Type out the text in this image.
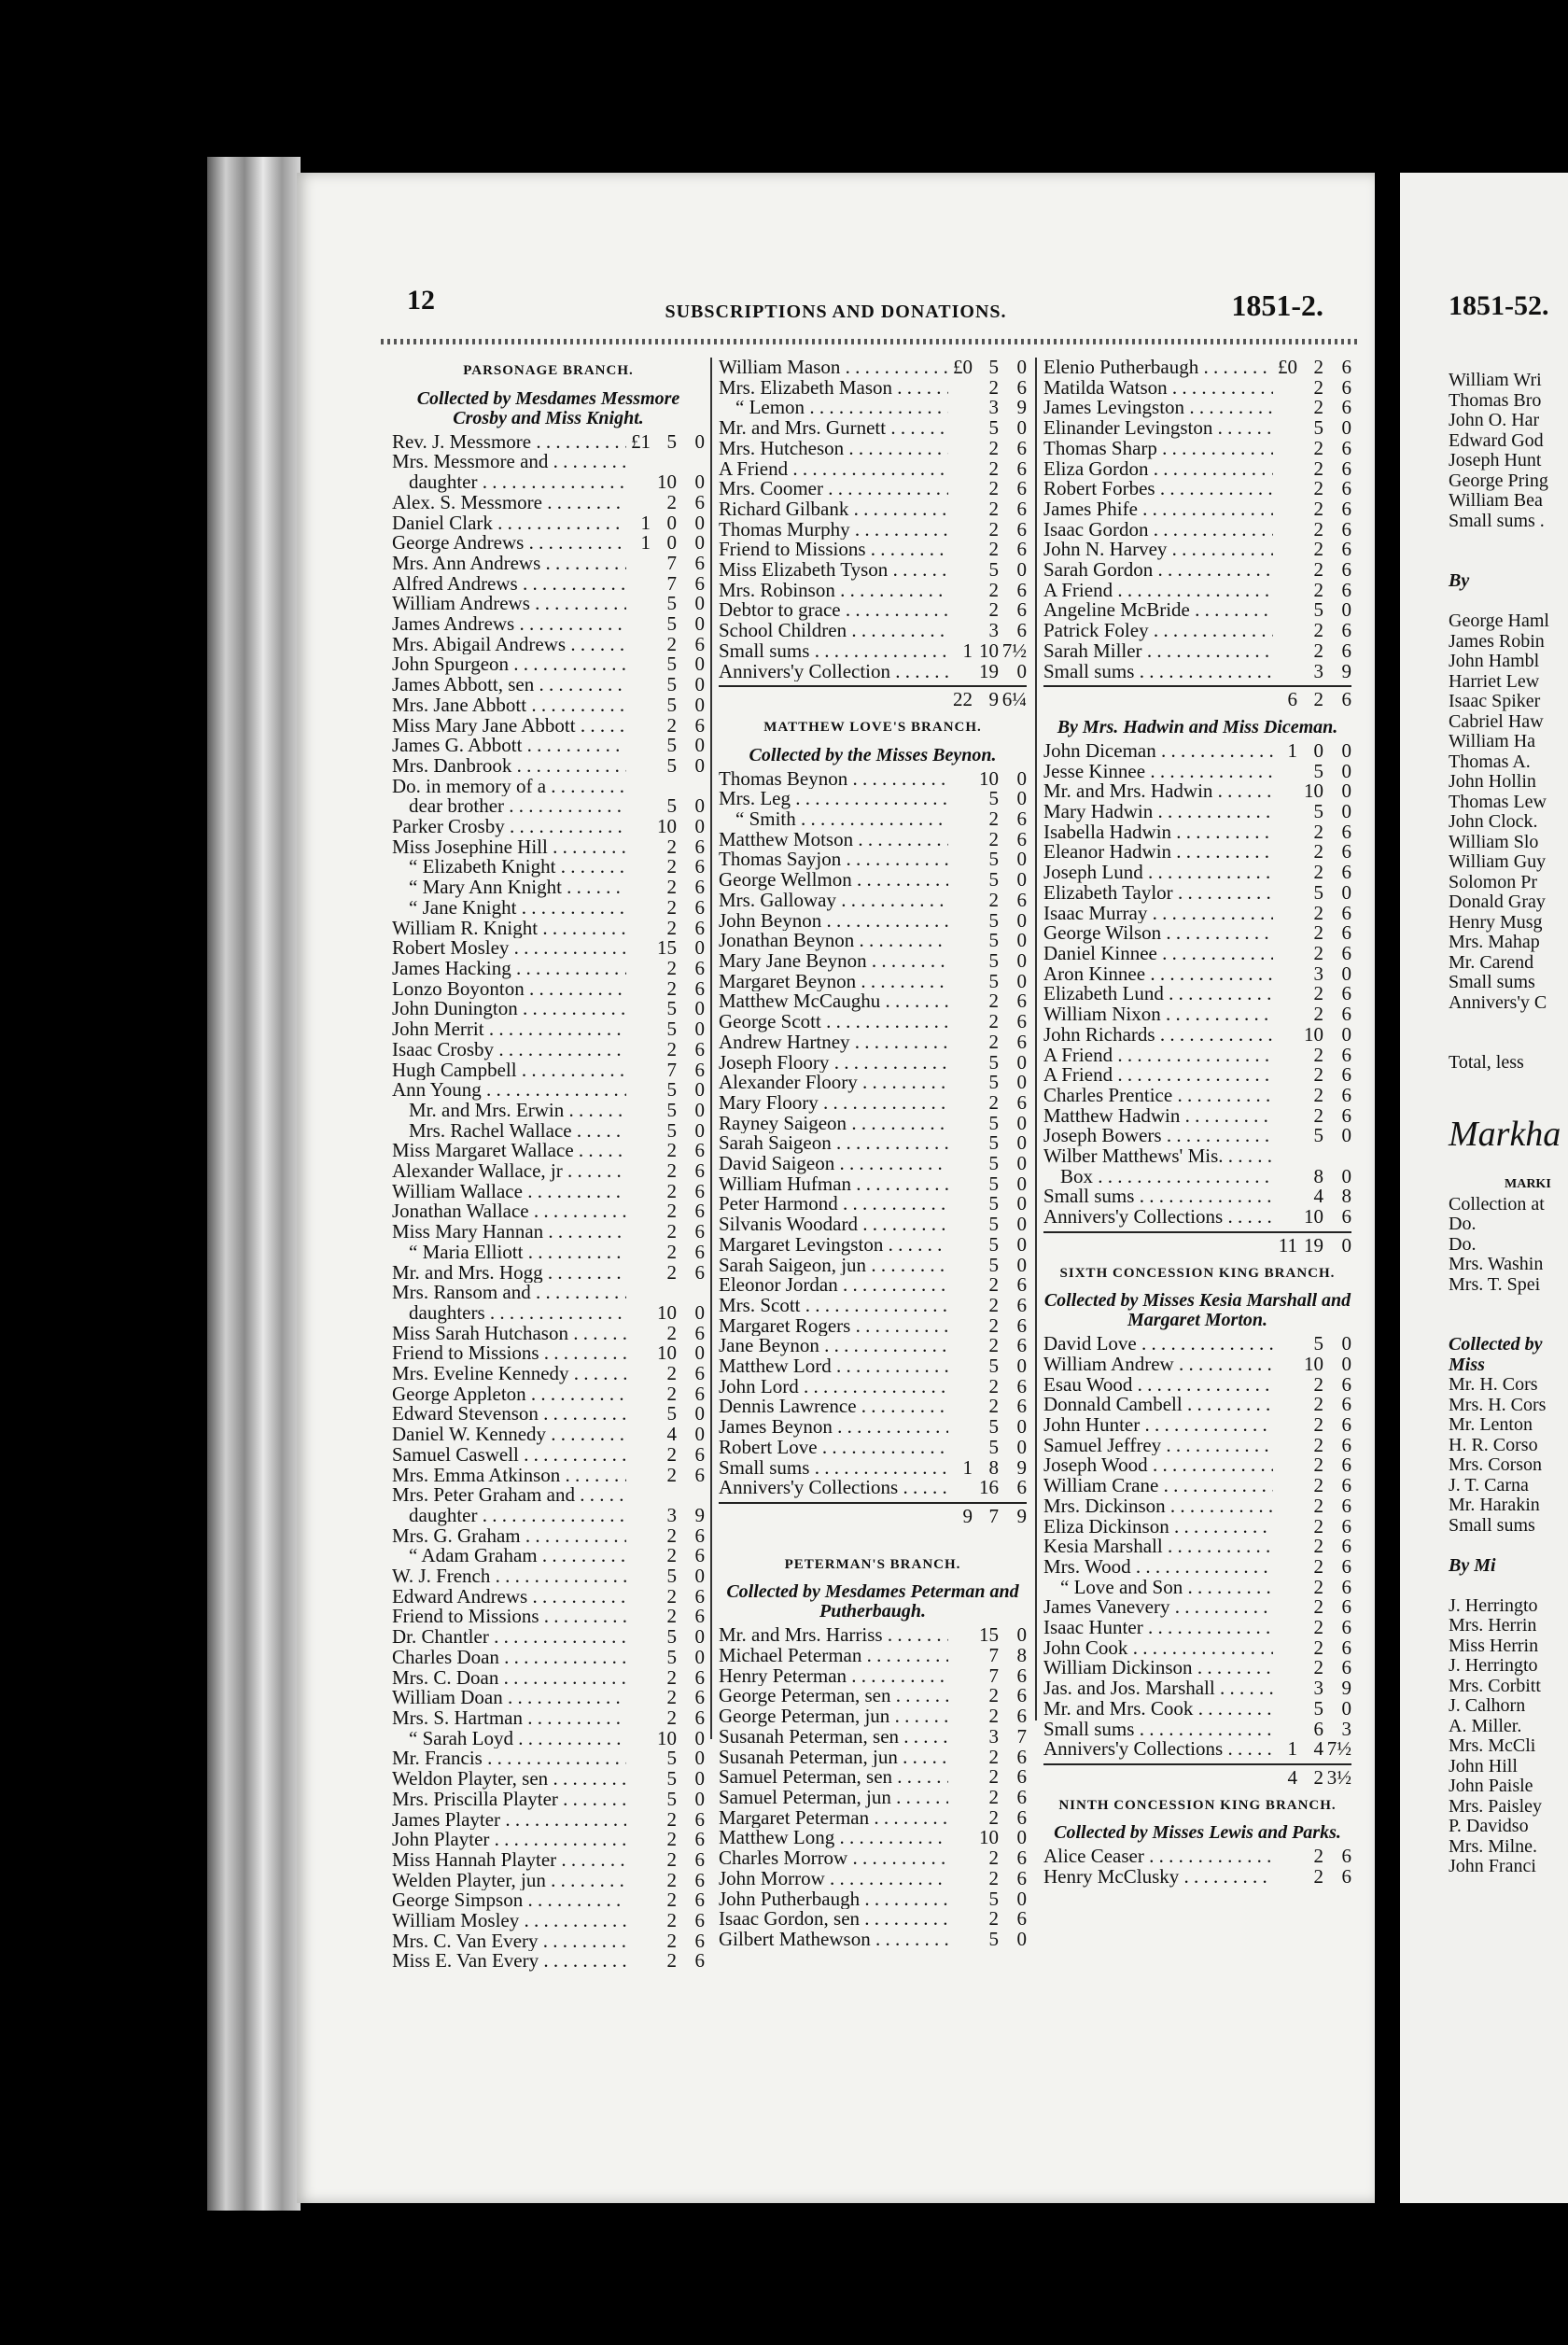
12	SUBSCRIPTIONS AND DONATIONS.	1851-2.
PARSONAGE BRANCH.
Collected by Mesdames Messmore Crosby and Miss Knight.
Rev. J. Messmore . . .	£1 5 0
Mrs. Messmore and . . .
daughter . . .	10 0
Alex. S. Messmore . . .	2 6
Daniel Clark . . .	1 0 0
George Andrews . . .	1 0 0
Mrs. Ann Andrews . . .	7 6
Alfred Andrews . . .	7 6
William Andrews . . .	5 0
James Andrews . . .	5 0
Mrs. Abigail Andrews . . .	2 6
John Spurgeon . . .	5 0
James Abbott, sen . . .	5 0
Mrs. Jane Abbott . . .	5 0
Miss Mary Jane Abbott . . .	2 6
James G. Abbott . . .	5 0
Mrs. Danbrook . . .	5 0
Do. in memory of a . . .
dear brother . . .	5 0
Parker Crosby . . .	10 0
Miss Josephine Hill . . .	2 6
“ Elizabeth Knight . . .	2 6
“ Mary Ann Knight . . .	2 6
“ Jane Knight . . .	2 6
William R. Knight . . .	2 6
Robert Mosley . . .	15 0
James Hacking . . .	2 6
Lonzo Boyonton . . .	2 6
John Dunington . . .	5 0
John Merrit . . .	5 0
Isaac Crosby . . .	2 6
Hugh Campbell . . .	7 6
Ann Young . . .	5 0
Mr. and Mrs. Erwin . . .	5 0
Mrs. Rachel Wallace . . .	5 0
Miss Margaret Wallace . . .	2 6
Alexander Wallace, jr . . .	2 6
William Wallace . . .	2 6
Jonathan Wallace . . .	2 6
Miss Mary Hannan . . .	2 6
“ Maria Elliott . . .	2 6
Mr. and Mrs. Hogg . . .	2 6
Mrs. Ransom and . . .
daughters . . .	10 0
Miss Sarah Hutchason . . .	2 6
Friend to Missions . . .	10 0
Mrs. Eveline Kennedy . . .	2 6
George Appleton . . .	2 6
Edward Stevenson . . .	5 0
Daniel W. Kennedy . . .	4 0
Samuel Caswell . . .	2 6
Mrs. Emma Atkinson . . .	2 6
Mrs. Peter Graham and . . .
daughter . . .	3 9
Mrs. G. Graham . . .	2 6
“ Adam Graham . . .	2 6
W. J. French . . .	5 0
Edward Andrews . . .	2 6
Friend to Missions . . .	2 6
Dr. Chantler . . .	5 0
Charles Doan . . .	5 0
Mrs. C. Doan . . .	2 6
William Doan . . .	2 6
Mrs. S. Hartman . . .	2 6
“ Sarah Loyd . . .	10 0
Mr. Francis . . .	5 0
Weldon Playter, sen . . .	5 0
Mrs. Priscilla Playter . . .	5 0
James Playter . . .	2 6
John Playter . . .	2 6
Miss Hannah Playter . . .	2 6
Welden Playter, jun . . .	2 6
George Simpson . . .	2 6
William Mosley . . .	2 6
Mrs. C. Van Every . . .	2 6
Miss E. Van Every . . .	2 6
William Mason . . .	£0 5 0
Mrs. Elizabeth Mason . . .	2 6
“ Lemon . . .	3 9
Mr. and Mrs. Gurnett . . .	5 0
Mrs. Hutcheson . . .	2 6
A Friend . . .	2 6
Mrs. Coomer . . .	2 6
Richard Gilbank . . .	2 6
Thomas Murphy . . .	2 6
Friend to Missions . . .	2 6
Miss Elizabeth Tyson . . .	5 0
Mrs. Robinson . . .	2 6
Debtor to grace . . .	2 6
School Children . . .	3 6
Small sums . . .	1 10 7½
Annivers'y Collection . . .	19 0
22 9 6¼
MATTHEW LOVE'S BRANCH.
Collected by the Misses Beynon.
Thomas Beynon . . .	10 0
Mrs. Leg . . .	5 0
“ Smith . . .	2 6
Matthew Motson . . .	2 6
Thomas Sayjon . . .	5 0
George Wellmon . . .	5 0
Mrs. Galloway . . .	2 6
John Beynon . . .	5 0
Jonathan Beynon . . .	5 0
Mary Jane Beynon . . .	5 0
Margaret Beynon . . .	5 0
Matthew McCaughu . . .	2 6
George Scott . . .	2 6
Andrew Hartney . . .	2 6
Joseph Floory . . .	5 0
Alexander Floory . . .	5 0
Mary Floory . . .	2 6
Rayney Saigeon . . .	5 0
Sarah Saigeon . . .	5 0
David Saigeon . . .	5 0
William Hufman . . .	5 0
Peter Harmond . . .	5 0
Silvanis Woodard . . .	5 0
Margaret Levingston . . .	5 0
Sarah Saigeon, jun . . .	5 0
Eleonor Jordan . . .	2 6
Mrs. Scott . . .	2 6
Margaret Rogers . . .	2 6
Jane Beynon . . .	2 6
Matthew Lord . . .	5 0
John Lord . . .	2 6
Dennis Lawrence . . .	2 6
James Beynon . . .	5 0
Robert Love . . .	5 0
Small sums . . .	1 8 9
Annivers'y Collections . . .	16 6
9 7 9
PETERMAN'S BRANCH.
Collected by Mesdames Peterman and Putherbaugh.
Mr. and Mrs. Harriss . . .	15 0
Michael Peterman . . .	7 8
Henry Peterman . . .	7 6
George Peterman, sen . . .	2 6
George Peterman, jun . . .	2 6
Susanah Peterman, sen . . .	3 7
Susanah Peterman, jun . . .	2 6
Samuel Peterman, sen . . .	2 6
Samuel Peterman, jun . . .	2 6
Margaret Peterman . . .	2 6
Matthew Long . . .	10 0
Charles Morrow . . .	2 6
John Morrow . . .	2 6
John Putherbaugh . . .	5 0
Isaac Gordon, sen . . .	2 6
Gilbert Mathewson . . .	5 0
Elenio Putherbaugh . . .	£0 2 6
Matilda Watson . . .	2 6
James Levingston . . .	2 6
Elinander Levingston . . .	5 0
Thomas Sharp . . .	2 6
Eliza Gordon . . .	2 6
Robert Forbes . . .	2 6
James Phife . . .	2 6
Isaac Gordon . . .	2 6
John N. Harvey . . .	2 6
Sarah Gordon . . .	2 6
A Friend . . .	2 6
Angeline McBride . . .	5 0
Patrick Foley . . .	2 6
Sarah Miller . . .	2 6
Small sums . . .	3 9
6 2 6
By Mrs. Hadwin and Miss Diceman.
John Diceman . . .	1 0 0
Jesse Kinnee . . .	5 0
Mr. and Mrs. Hadwin . . .	10 0
Mary Hadwin . . .	5 0
Isabella Hadwin . . .	2 6
Eleanor Hadwin . . .	2 6
Joseph Lund . . .	2 6
Elizabeth Taylor . . .	5 0
Isaac Murray . . .	2 6
George Wilson . . .	2 6
Daniel Kinnee . . .	2 6
Aron Kinnee . . .	3 0
Elizabeth Lund . . .	2 6
William Nixon . . .	2 6
John Richards . . .	10 0
A Friend . . .	2 6
A Friend . . .	2 6
Charles Prentice . . .	2 6
Matthew Hadwin . . .	2 6
Joseph Bowers . . .	5 0
Wilber Matthews' Mis. . . .
Box . . .	8 0
Small sums . . .	4 8
Annivers'y Collections . . .	10 6
11 19 0
SIXTH CONCESSION KING BRANCH.
Collected by Misses Kesia Marshall and Margaret Morton.
David Love . . .	5 0
William Andrew . . .	10 0
Esau Wood . . .	2 6
Donnald Cambell . . .	2 6
John Hunter . . .	2 6
Samuel Jeffrey . . .	2 6
Joseph Wood . . .	2 6
William Crane . . .	2 6
Mrs. Dickinson . . .	2 6
Eliza Dickinson . . .	2 6
Kesia Marshall . . .	2 6
Mrs. Wood . . .	2 6
“ Love and Son . . .	2 6
James Vanevery . . .	2 6
Isaac Hunter . . .	2 6
John Cook . . .	2 6
William Dickinson . . .	2 6
Jas. and Jos. Marshall . . .	3 9
Mr. and Mrs. Cook . . .	5 0
Small sums . . .	6 3
Annivers'y Collections . . .	1 4 7½
4 2 3½
NINTH CONCESSION KING BRANCH.
Collected by Misses Lewis and Parks.
Alice Ceaser . . .	2 6
Henry McClusky . . .	2 6
1851-52.
William Wri
Thomas Bro
John O. Har
Edward God
Joseph Hunt
George Pring
William Bea
Small sums .

By

George Haml
James Robin
John Hambl
Harriet Lew
Isaac Spiker
Cabriel Haw
William Ha
Thomas A.
John Hollin
Thomas Lew
John Clock.
William Slo
William Guy
Solomon Pr
Donald Gray
Henry Musg
Mrs. Mahap
Mr. Carend
Small sums
Annivers'y C

Total, less

Markha

MARKI
Collection at
Do.
Do.
Mrs. Washin
Mrs. T. Spei

Collected by
Miss
Mr. H. Cors
Mrs. H. Cors
Mr. Lenton
H. R. Corso
Mrs. Corson
J. T. Carna
Mr. Harakin
Small sums

By Mi

J. Herringto
Mrs. Herrin
Miss Herrin
J. Herringto
Mrs. Corbitt
J. Calhorn
A. Miller.
Mrs. McCli
John Hill
John Paisle
Mrs. Paisley
P. Davidso
Mrs. Milne.
John Franci
